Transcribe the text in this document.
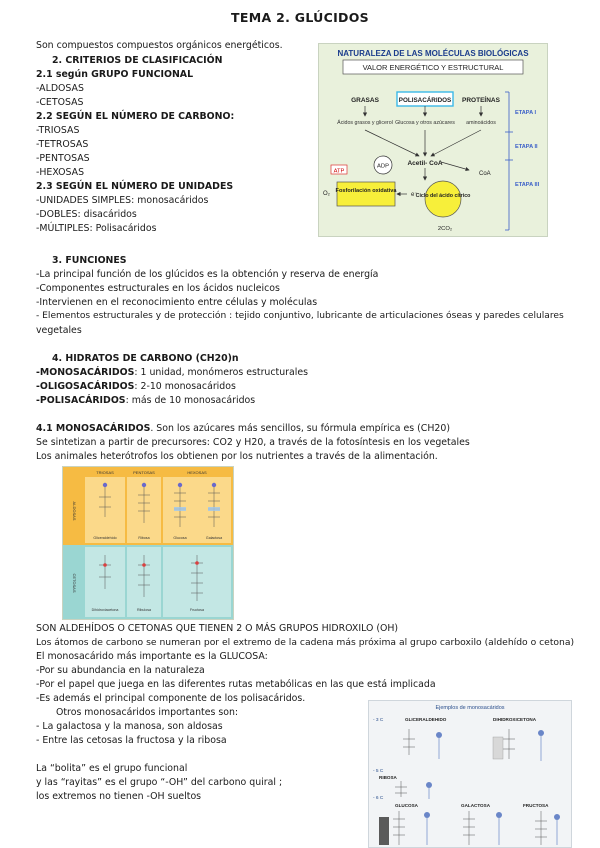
TEMA 2. GLÚCIDOS
Son compuestos compuestos orgánicos energéticos.
2. CRITERIOS DE CLASIFICACIÓN
2.1 según GRUPO FUNCIONAL
-ALDOSAS
-CETOSAS
2.2 SEGÚN EL NÚMERO DE CARBONO:
-TRIOSAS
-TETROSAS
-PENTOSAS
-HEXOSAS
2.3 SEGÚN EL NÚMERO DE UNIDADES
-UNIDADES SIMPLES: monosacáridos
-DOBLES: disacáridos
-MÚLTIPLES: Polisacáridos
NATURALEZA DE LAS MOLÉCULAS BIOLÓGICAS
VALOR ENERGÉTICO Y ESTRUCTURAL
GRASAS	POLISACÁRIDOS PROTEÍNAS
Ácidos grasos y glicerol Glucosa y otros azúcares aminoácidos
Acetil- CoA
CoA
ATP
ADP
O₂ Fosforilación oxidativa
e⁻
Ciclo del ácido cítrico
2CO₂
ETAPA I
ETAPA II
ETAPA III
3. FUNCIONES
-La principal función de los glúcidos es la obtención y reserva de energía
-Componentes estructurales en los ácidos nucleicos
-Intervienen en el reconocimiento entre células y moléculas
- Elementos estructurales y de protección : tejido conjuntivo, lubricante de articulaciones óseas y paredes celulares
vegetales
4. HIDRATOS DE CARBONO (CH20)n
-MONOSACÁRIDOS: 1 unidad, monómeros estructurales
-OLIGOSACÁRIDOS: 2-10 monosacáridos
-POLISACÁRIDOS: más de 10 monosacáridos
4.1 MONOSACÁRIDOS. Son los azúcares más sencillos, su fórmula empírica es (CH20)
Se sintetizan a partir de precursores: CO2 y H20, a través de la fotosíntesis en los vegetales
Los animales heterótrofos los obtienen por los nutrientes a través de la alimentación.
TRIOSAS	PENTOSAS	HEXOSAS
ALDOSAS
CETOSAS
Gliceraldehído	Ribosa	Glucosa	Galactosa
Dihidroxiacetona	Ribulosa	Fructosa
SON ALDEHÍDOS O CETONAS QUE TIENEN 2 O MÁS GRUPOS HIDROXILO (OH)
Los átomos de carbono se numeran por el extremo de la cadena más próxima al grupo carboxilo (aldehído o cetona)
El monosacárido más importante es la GLUCOSA:
-Por su abundancia en la naturaleza
-Por el papel que juega en las diferentes rutas metabólicas en las que está implicada
-Es además el principal componente de los polisacáridos.
Otros monosacáridos importantes son:
- La galactosa y la manosa, son aldosas
- Entre las cetosas la fructosa y la ribosa
La “bolita” es el grupo funcional
y las “rayitas” es el grupo “-OH” del carbono quiral ;
los extremos no tienen -OH sueltos
Ejemplos de monosacáridos
- 3 C	GLICERALDEHIDO	DIHIDROXICETONA
- 5 C
RIBOSA
- 6 C
GLUCOSA	GALACTOSA	FRUCTOSA
